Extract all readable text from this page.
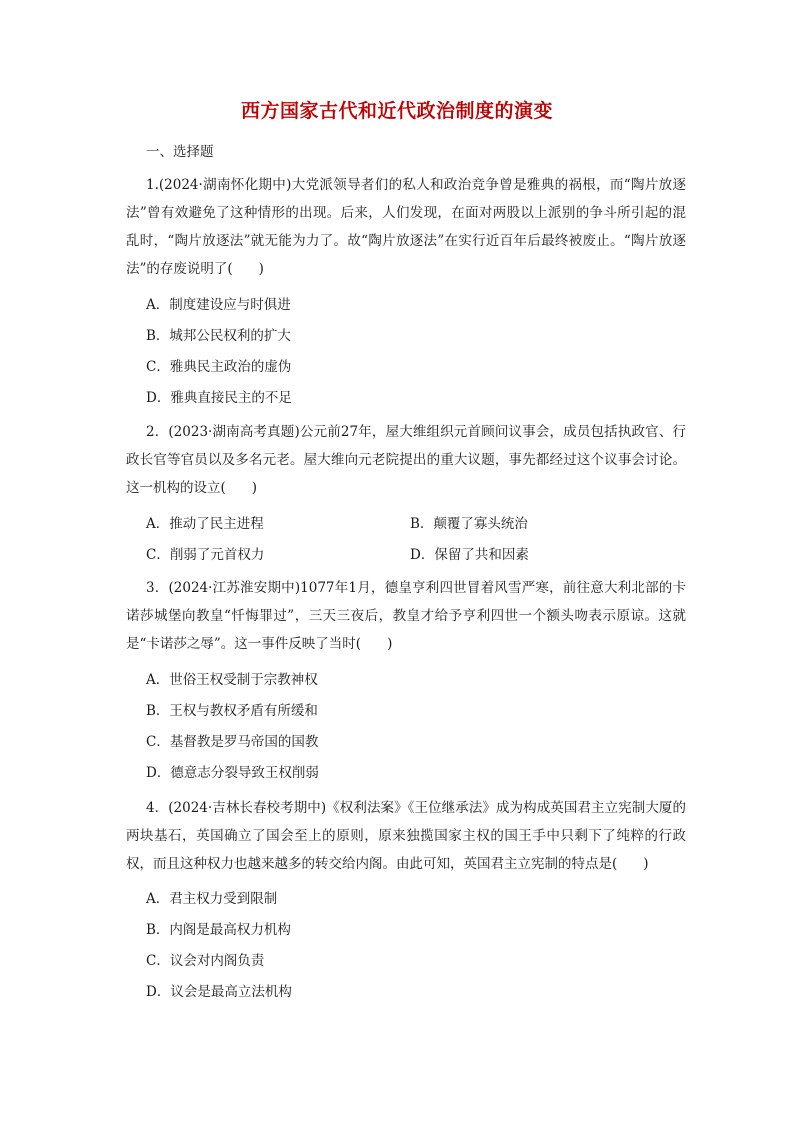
西方国家古代和近代政治制度的演变
一、选择题
1.(2024·湖南怀化期中)大党派领导者们的私人和政治竞争曾是雅典的祸根，而“陶片放逐法”曾有效避免了这种情形的出现。后来，人们发现，在面对两股以上派别的争斗所引起的混乱时，“陶片放逐法”就无能为力了。故“陶片放逐法”在实行近百年后最终被废止。“陶片放逐法”的存废说明了( )
A．制度建设应与时俱进
B．城邦公民权利的扩大
C．雅典民主政治的虚伪
D．雅典直接民主的不足
2．(2023·湖南高考真题)公元前27年，屋大维组织元首顾问议事会，成员包括执政官、行政长官等官员以及多名元老。屋大维向元老院提出的重大议题，事先都经过这个议事会讨论。这一机构的设立( )
A．推动了民主进程	B．颠覆了寡头统治
C．削弱了元首权力	D．保留了共和因素
3．(2024·江苏淮安期中)1077年1月，德皇亨利四世冒着风雪严寒，前往意大利北部的卡诺莎城堡向教皇“忏悔罪过”，三天三夜后，教皇才给予亨利四世一个额头吻表示原谅。这就是“卡诺莎之辱”。这一事件反映了当时( )
A．世俗王权受制于宗教神权
B．王权与教权矛盾有所缓和
C．基督教是罗马帝国的国教
D．德意志分裂导致王权削弱
4．(2024·吉林长春校考期中)《权利法案》《王位继承法》成为构成英国君主立宪制大厦的两块基石，英国确立了国会至上的原则，原来独揽国家主权的国王手中只剩下了纯粹的行政权，而且这种权力也越来越多的转交给内阁。由此可知，英国君主立宪制的特点是( )
A．君主权力受到限制
B．内阁是最高权力机构
C．议会对内阁负责
D．议会是最高立法机构
